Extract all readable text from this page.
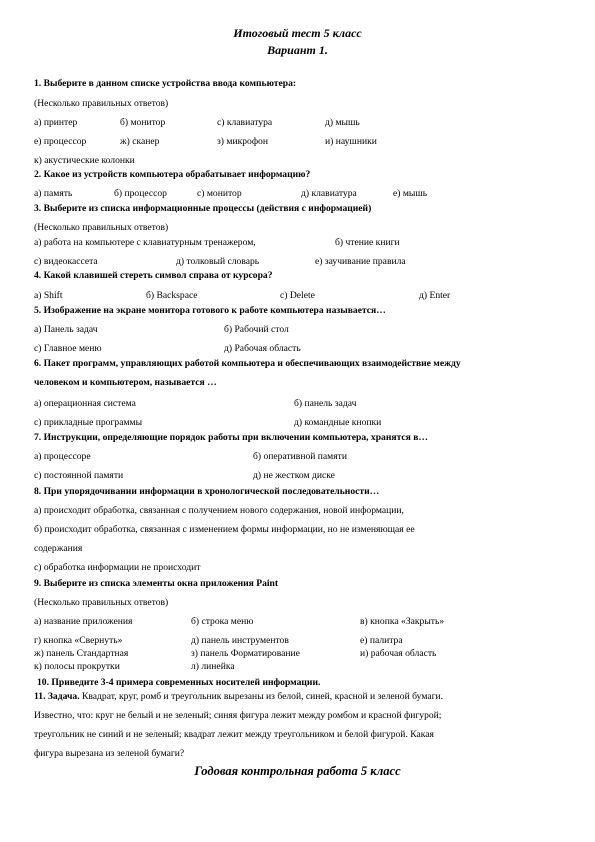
Итоговый тест 5 класс
Вариант 1.
1. Выберите в данном списке устройства ввода компьютера:
(Несколько правильных ответов)
а) принтер	б) монитор	с) клавиатура	д) мышь
е) процессор	ж) сканер	з) микрофон	и) наушники
к) акустические колонки
2. Какое из устройств компьютера обрабатывает информацию?
а) память	б) процессор	с) монитор	д) клавиатура	е) мышь
3. Выберите из списка информационные процессы (действия с информацией)
(Несколько правильных ответов)
а) работа на компьютере с клавиатурным тренажером,	б) чтение книги
с) видеокассета	д) толковый словарь	е) заучивание правила
4. Какой клавишей стереть символ справа от курсора?
а) Shift	б) Backspace	с) Delete	д) Enter
5. Изображение на экране монитора готового к работе компьютера называется…
а) Панель задач	б) Рабочий стол
с) Главное меню	д) Рабочая область
6. Пакет программ, управляющих работой компьютера и обеспечивающих взаимодействие между
человеком и компьютером, называется …
а) операционная система	б) панель задач
с) прикладные программы	д) командные кнопки
7. Инструкции, определяющие порядок работы при включении компьютера, хранятся в…
а) процессоре	б) оперативной памяти
с) постоянной памяти	д) не жестком диске
8. При упорядочивании информации в хронологической последовательности…
а) происходит обработка, связанная с получением нового содержания, новой информации,
б) происходит обработка, связанная с изменением формы информации, но не изменяющая ее
содержания
с) обработка информации не происходит
9. Выберите из списка элементы окна приложения Paint
(Несколько правильных ответов)
а) название приложения	б) строка меню	в) кнопка «Закрыть»
г) кнопка «Свернуть»	д) панель инструментов	е) палитра
ж) панель Стандартная	з) панель Форматирование	и) рабочая область
к) полосы прокрутки	л) линейка
10. Приведите 3-4 примера современных носителей информации.
11. Задача. Квадрат, круг, ромб и треугольник вырезаны из белой, синей, красной и зеленой бумаги.
Известно, что: круг не белый и не зеленый; синяя фигура лежит между ромбом и красной фигурой;
треугольник не синий и не зеленый; квадрат лежит между треугольником и белой фигурой. Какая
фигура вырезана из зеленой бумаги?
Годовая контрольная работа 5 класс
